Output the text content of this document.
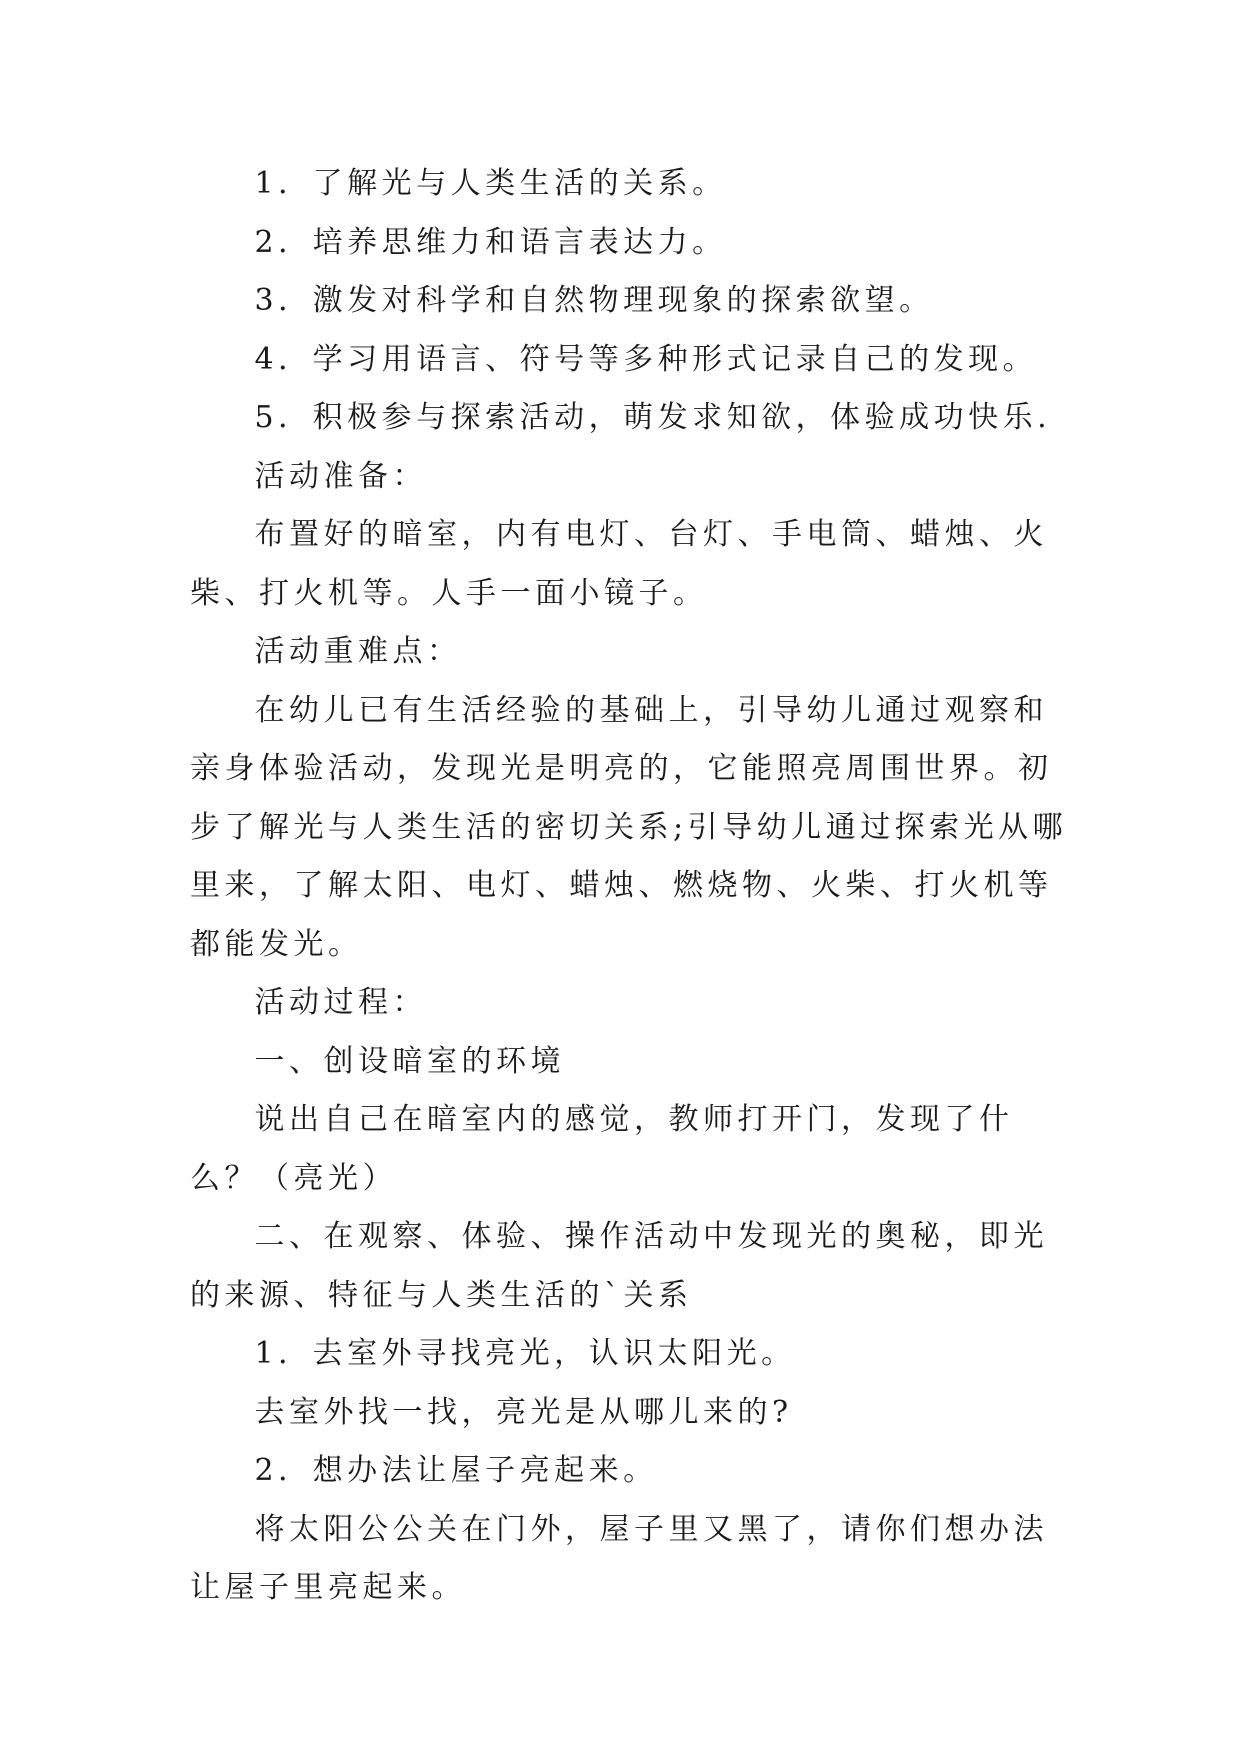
1．了解光与人类生活的关系。

2．培养思维力和语言表达力。

3．激发对科学和自然物理现象的探索欲望。

4．学习用语言、符号等多种形式记录自己的发现。

5．积极参与探索活动，萌发求知欲，体验成功快乐.

活动准备：

布置好的暗室，内有电灯、台灯、手电筒、蜡烛、火柴、打火机等。人手一面小镜子。

活动重难点：

在幼儿已有生活经验的基础上，引导幼儿通过观察和亲身体验活动，发现光是明亮的，它能照亮周围世界。初步了解光与人类生活的密切关系;引导幼儿通过探索光从哪里来，了解太阳、电灯、蜡烛、燃烧物、火柴、打火机等都能发光。

活动过程：

一、创设暗室的环境

说出自己在暗室内的感觉，教师打开门，发现了什么？（亮光）

二、在观察、体验、操作活动中发现光的奥秘，即光的来源、特征与人类生活的`关系

1．去室外寻找亮光，认识太阳光。

去室外找一找，亮光是从哪儿来的?

2．想办法让屋子亮起来。

将太阳公公关在门外，屋子里又黑了，请你们想办法让屋子里亮起来。
